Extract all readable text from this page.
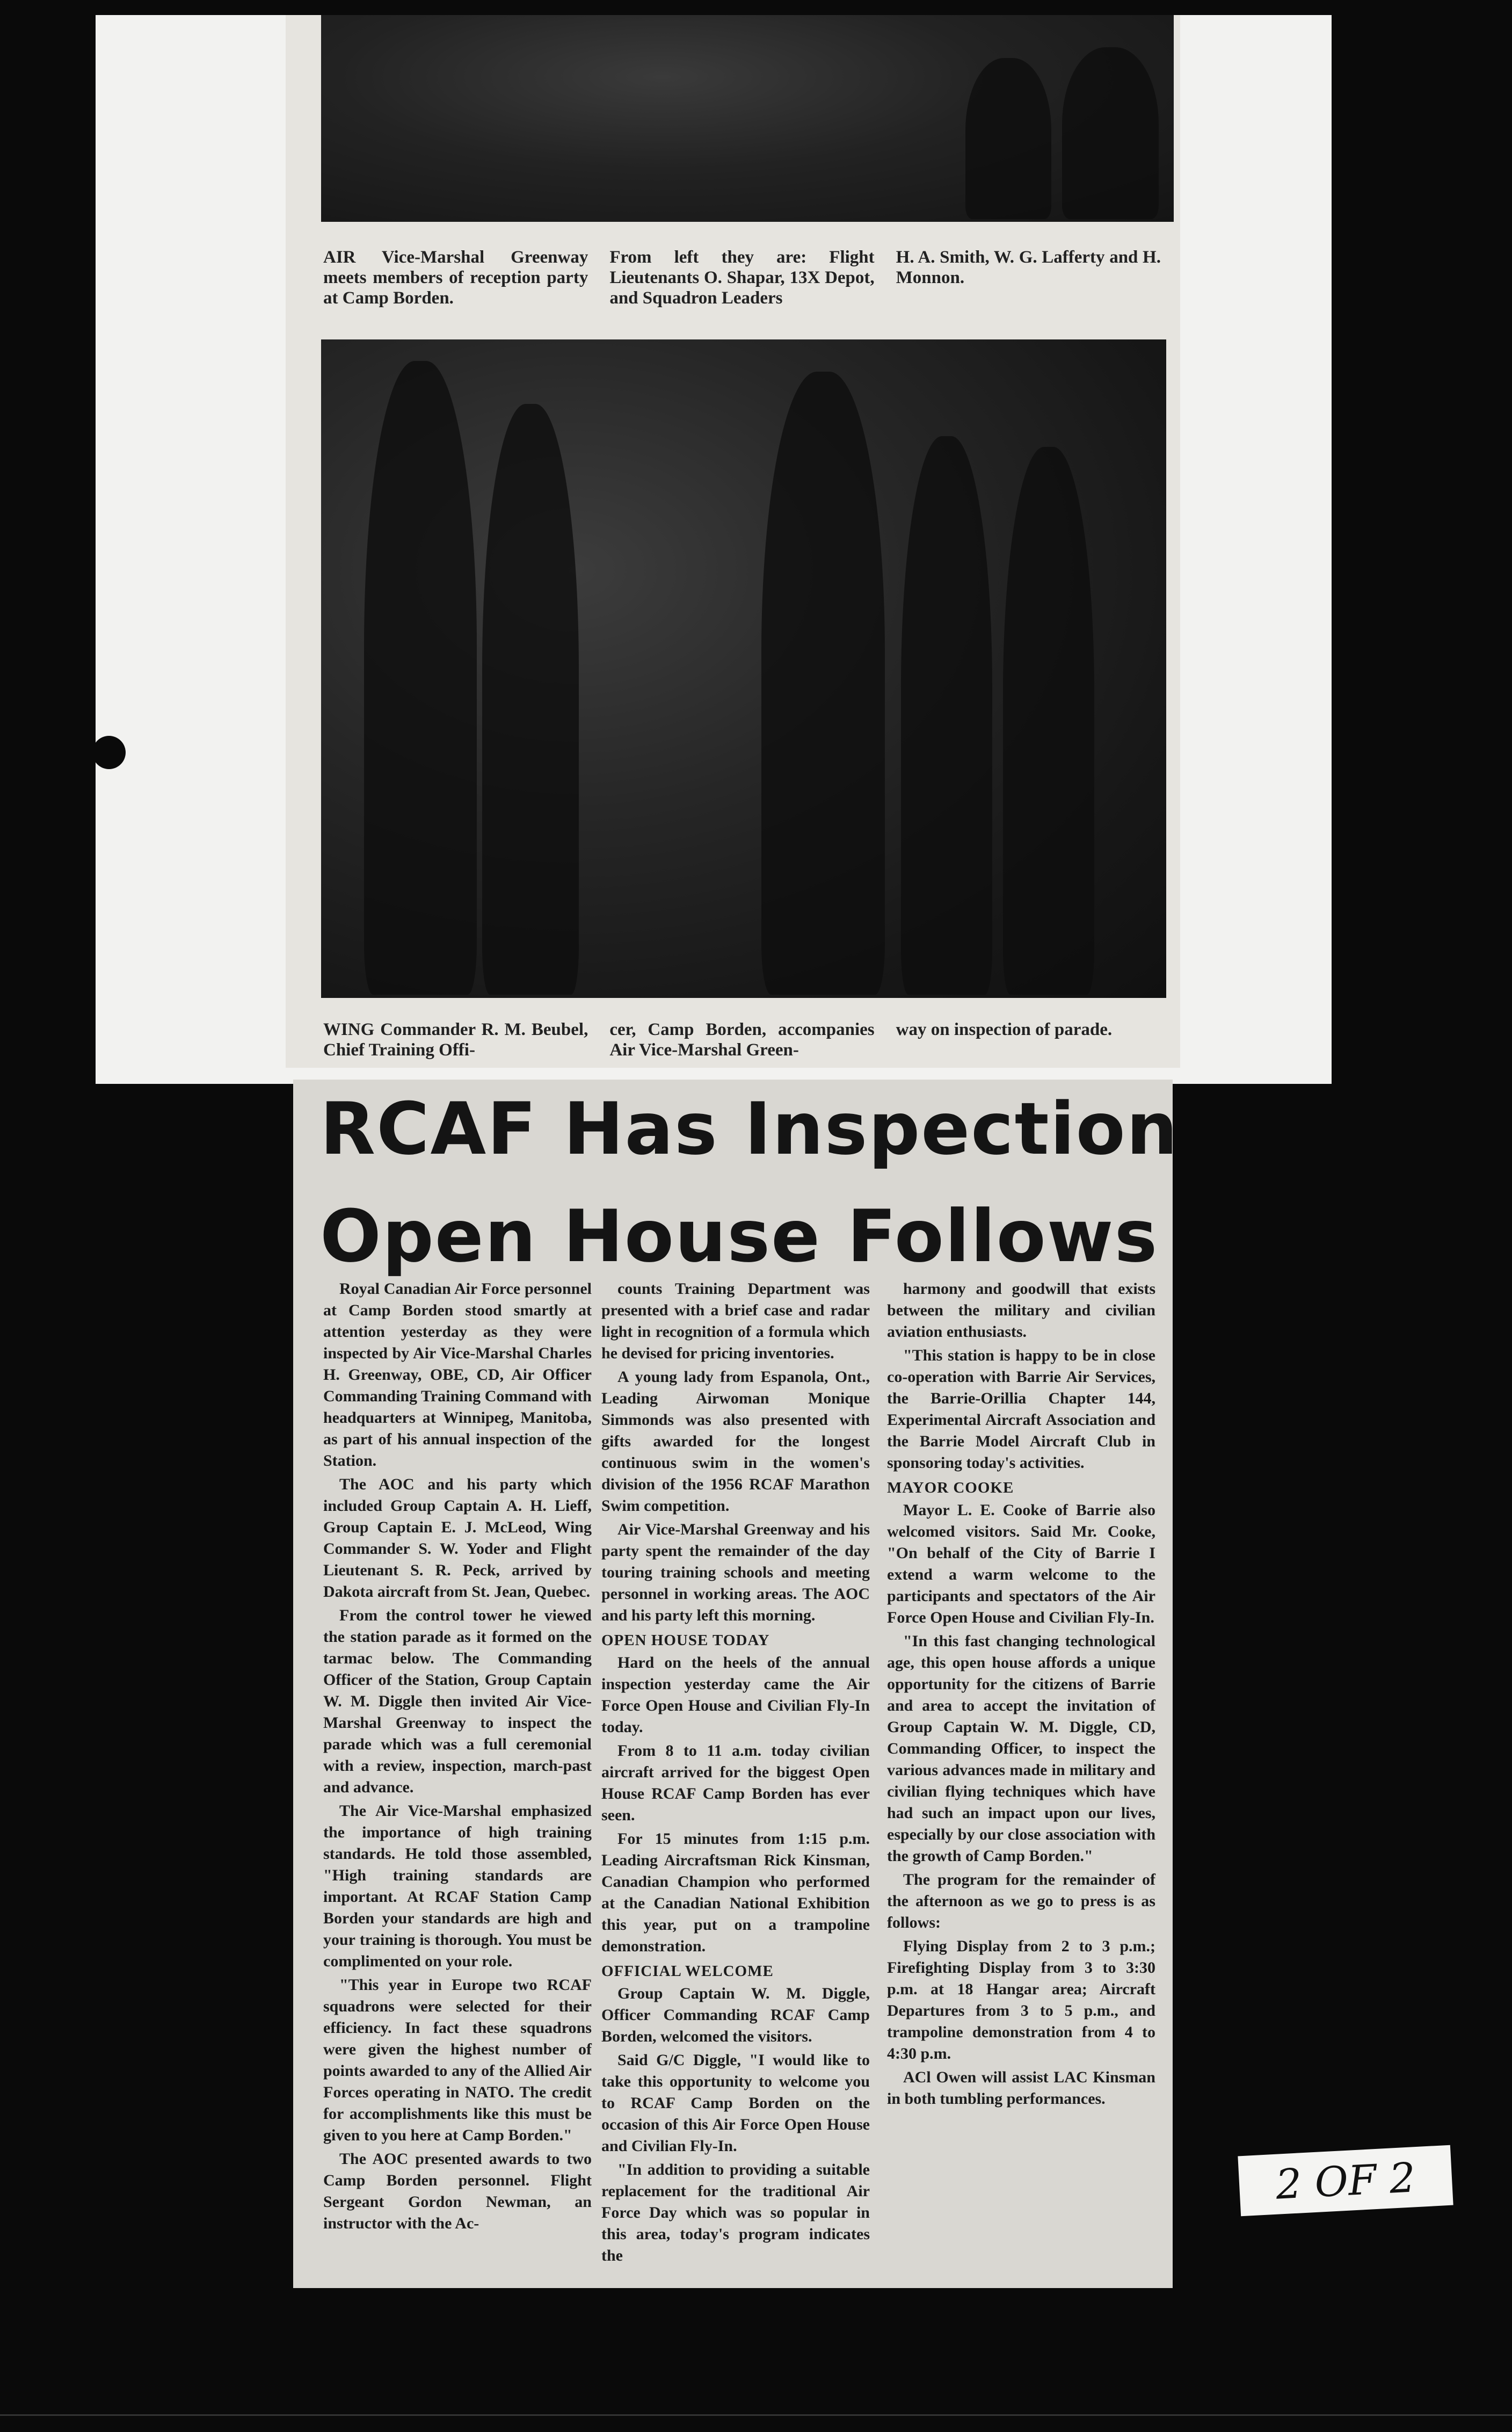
AIR Vice-Marshal Greenway meets members of reception party at Camp Borden.
From left they are: Flight Lieutenants O. Shapar, 13X Depot, and Squadron Leaders
H. A. Smith, W. G. Lafferty and H. Monnon.
WING Commander R. M. Beubel, Chief Training Offi-
cer, Camp Borden, accompanies Air Vice-Marshal Green-
way on inspection of parade.
RCAF Has Inspection
Open House Follows

Royal Canadian Air Force personnel at Camp Borden stood smartly at attention yesterday as they were inspected by Air Vice-Marshal Charles H. Greenway, OBE, CD, Air Officer Commanding Training Command with headquarters at Winnipeg, Manitoba, as part of his annual inspection of the Station.

The AOC and his party which included Group Captain A. H. Lieff, Group Captain E. J. McLeod, Wing Commander S. W. Yoder and Flight Lieutenant S. R. Peck, arrived by Dakota aircraft from St. Jean, Quebec.

From the control tower he viewed the station parade as it formed on the tarmac below. The Commanding Officer of the Station, Group Captain W. M. Diggle then invited Air Vice-Marshal Greenway to inspect the parade which was a full ceremonial with a review, inspection, march-past and advance.

The Air Vice-Marshal emphasized the importance of high training standards. He told those assembled, "High training standards are important. At RCAF Station Camp Borden your standards are high and your training is thorough. You must be complimented on your role.

"This year in Europe two RCAF squadrons were selected for their efficiency. In fact these squadrons were given the highest number of points awarded to any of the Allied Air Forces operating in NATO. The credit for accomplishments like this must be given to you here at Camp Borden."

The AOC presented awards to two Camp Borden personnel. Flight Sergeant Gordon Newman, an instructor with the Ac-

counts Training Department was presented with a brief case and radar light in recognition of a formula which he devised for pricing inventories.

A young lady from Espanola, Ont., Leading Airwoman Monique Simmonds was also presented with gifts awarded for the longest continuous swim in the women's division of the 1956 RCAF Marathon Swim competition.

Air Vice-Marshal Greenway and his party spent the remainder of the day touring training schools and meeting personnel in working areas. The AOC and his party left this morning.

OPEN HOUSE TODAY

Hard on the heels of the annual inspection yesterday came the Air Force Open House and Civilian Fly-In today.

From 8 to 11 a.m. today civilian aircraft arrived for the biggest Open House RCAF Camp Borden has ever seen.

For 15 minutes from 1:15 p.m. Leading Aircraftsman Rick Kinsman, Canadian Champion who performed at the Canadian National Exhibition this year, put on a trampoline demonstration.

OFFICIAL WELCOME

Group Captain W. M. Diggle, Officer Commanding RCAF Camp Borden, welcomed the visitors.

Said G/C Diggle, "I would like to take this opportunity to welcome you to RCAF Camp Borden on the occasion of this Air Force Open House and Civilian Fly-In.

"In addition to providing a suitable replacement for the traditional Air Force Day which was so popular in this area, today's program indicates the

harmony and goodwill that exists between the military and civilian aviation enthusiasts.

"This station is happy to be in close co-operation with Barrie Air Services, the Barrie-Orillia Chapter 144, Experimental Aircraft Association and the Barrie Model Aircraft Club in sponsoring today's activities.

MAYOR COOKE

Mayor L. E. Cooke of Barrie also welcomed visitors. Said Mr. Cooke, "On behalf of the City of Barrie I extend a warm welcome to the participants and spectators of the Air Force Open House and Civilian Fly-In.

"In this fast changing technological age, this open house affords a unique opportunity for the citizens of Barrie and area to accept the invitation of Group Captain W. M. Diggle, CD, Commanding Officer, to inspect the various advances made in military and civilian flying techniques which have had such an impact upon our lives, especially by our close association with the growth of Camp Borden."

The program for the remainder of the afternoon as we go to press is as follows:

Flying Display from 2 to 3 p.m.; Firefighting Display from 3 to 3:30 p.m. at 18 Hangar area; Aircraft Departures from 3 to 5 p.m., and trampoline demonstration from 4 to 4:30 p.m.

ACl Owen will assist LAC Kinsman in both tumbling performances.

2 OF 2
